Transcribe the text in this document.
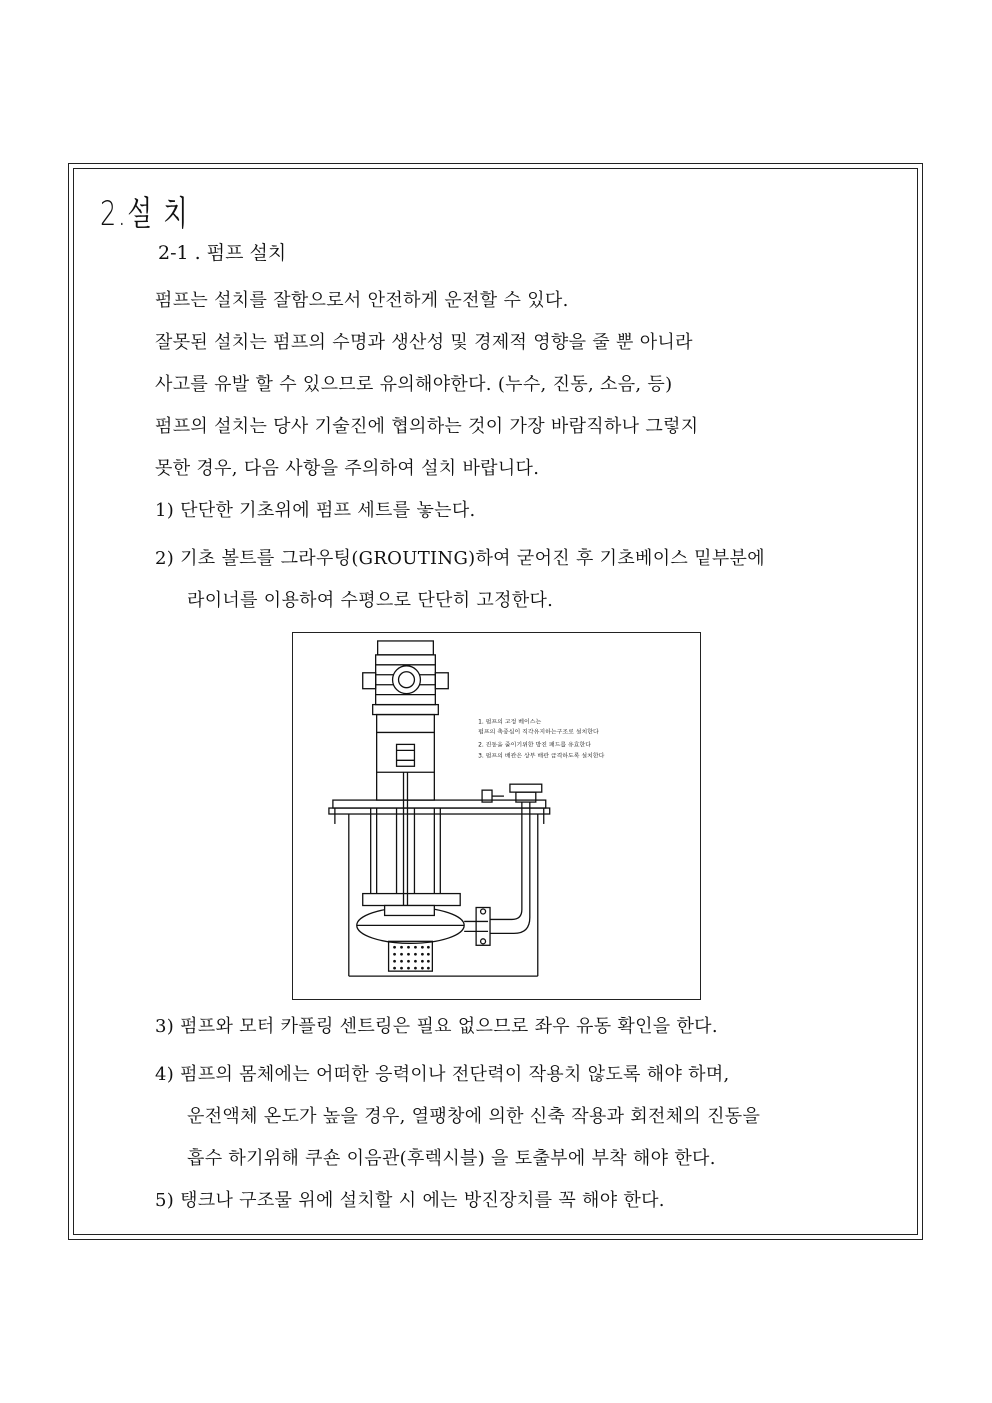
2.설 치
2-1 . 펌프 설치
펌프는 설치를 잘함으로서 안전하게 운전할 수 있다.
잘못된 설치는 펌프의 수명과 생산성 및 경제적 영향을 줄 뿐 아니라
사고를 유발 할 수 있으므로 유의해야한다. (누수, 진동, 소음, 등)
펌프의 설치는 당사 기술진에 협의하는 것이 가장 바람직하나 그렇지
못한 경우, 다음 사항을 주의하여 설치 바랍니다.
1) 단단한 기초위에 펌프 세트를 놓는다.
2) 기초 볼트를 그라우팅(GROUTING)하여 굳어진 후 기초베이스 밑부분에
라이너를 이용하여 수평으로 단단히 고정한다.
1. 펌프의 고정 베이스는
펌프의 축중심이 직각유지하는구조로 설치한다
2. 진동을 줄이기위한 방진 패드를 유효한다
3. 펌프의 배관은 상부 배관 급격하도록 설치한다
3) 펌프와 모터 카플링 센트링은 필요 없으므로 좌우 유동 확인을 한다.
4) 펌프의 몸체에는 어떠한 응력이나 전단력이 작용치 않도록 해야 하며,
운전액체 온도가 높을 경우, 열팽창에 의한 신축 작용과 회전체의 진동을
흡수 하기위해 쿠숀 이음관(후렉시블) 을 토출부에 부착 해야 한다.
5) 탱크나 구조물 위에 설치할 시 에는 방진장치를 꼭 해야 한다.
